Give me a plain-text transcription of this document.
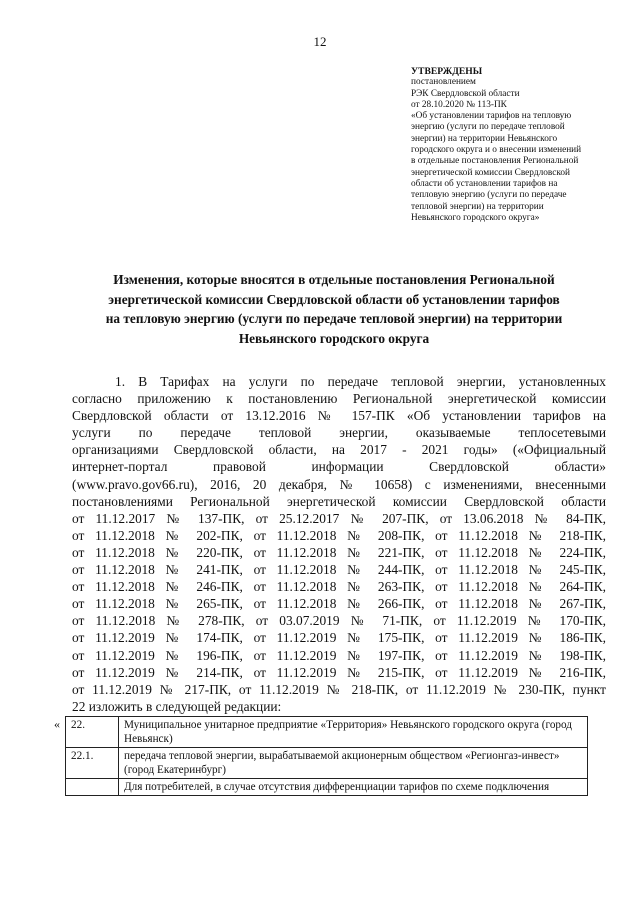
12
УТВЕРЖДЕНЫ
постановлением
РЭК Свердловской области
от 28.10.2020 № 113-ПК
«Об установлении тарифов на тепловую
энергию (услуги по передаче тепловой
энергии) на территории Невьянского
городского округа и о внесении изменений
в отдельные постановления Региональной
энергетической комиссии Свердловской
области об установлении тарифов на
тепловую энергию (услуги по передаче
тепловой энергии) на территории
Невьянского городского округа»
Изменения, которые вносятся в отдельные постановления Региональной
энергетической комиссии Свердловской области об установлении тарифов
на тепловую энергию (услуги по передаче тепловой энергии) на территории
Невьянского городского округа
1. В Тарифах на услуги по передаче тепловой энергии, установленных
согласно приложению к постановлению Региональной энергетической комиссии
Свердловской области от 13.12.2016 № 157-ПК «Об установлении тарифов на
услуги по передаче тепловой энергии, оказываемые теплосетевыми
организациями Свердловской области, на 2017 - 2021 годы» («Официальный
интернет-портал правовой информации Свердловской области»
(www.pravo.gov66.ru), 2016, 20 декабря, № 10658) с изменениями, внесенными
постановлениями Региональной энергетической комиссии Свердловской области
от 11.12.2017 № 137-ПК, от 25.12.2017 № 207-ПК, от 13.06.2018 № 84-ПК,
от 11.12.2018 № 202-ПК, от 11.12.2018 № 208-ПК, от 11.12.2018 № 218-ПК,
от 11.12.2018 № 220-ПК, от 11.12.2018 № 221-ПК, от 11.12.2018 № 224-ПК,
от 11.12.2018 № 241-ПК, от 11.12.2018 № 244-ПК, от 11.12.2018 № 245-ПК,
от 11.12.2018 № 246-ПК, от 11.12.2018 № 263-ПК, от 11.12.2018 № 264-ПК,
от 11.12.2018 № 265-ПК, от 11.12.2018 № 266-ПК, от 11.12.2018 № 267-ПК,
от 11.12.2018 № 278-ПК, от 03.07.2019 № 71-ПК, от 11.12.2019 № 170-ПК,
от 11.12.2019 № 174-ПК, от 11.12.2019 № 175-ПК, от 11.12.2019 № 186-ПК,
от 11.12.2019 № 196-ПК, от 11.12.2019 № 197-ПК, от 11.12.2019 № 198-ПК,
от 11.12.2019 № 214-ПК, от 11.12.2019 № 215-ПК, от 11.12.2019 № 216-ПК,
от 11.12.2019 № 217-ПК, от 11.12.2019 № 218-ПК, от 11.12.2019 № 230-ПК, пункт
22 изложить в следующей редакции:
« 22.	Муниципальное унитарное предприятие «Территория» Невьянского городского округа (город Невьянск)
22.1.	передача тепловой энергии, вырабатываемой акционерным обществом «Регионгаз-инвест» (город Екатеринбург)
	Для потребителей, в случае отсутствия дифференциации тарифов по схеме подключения
